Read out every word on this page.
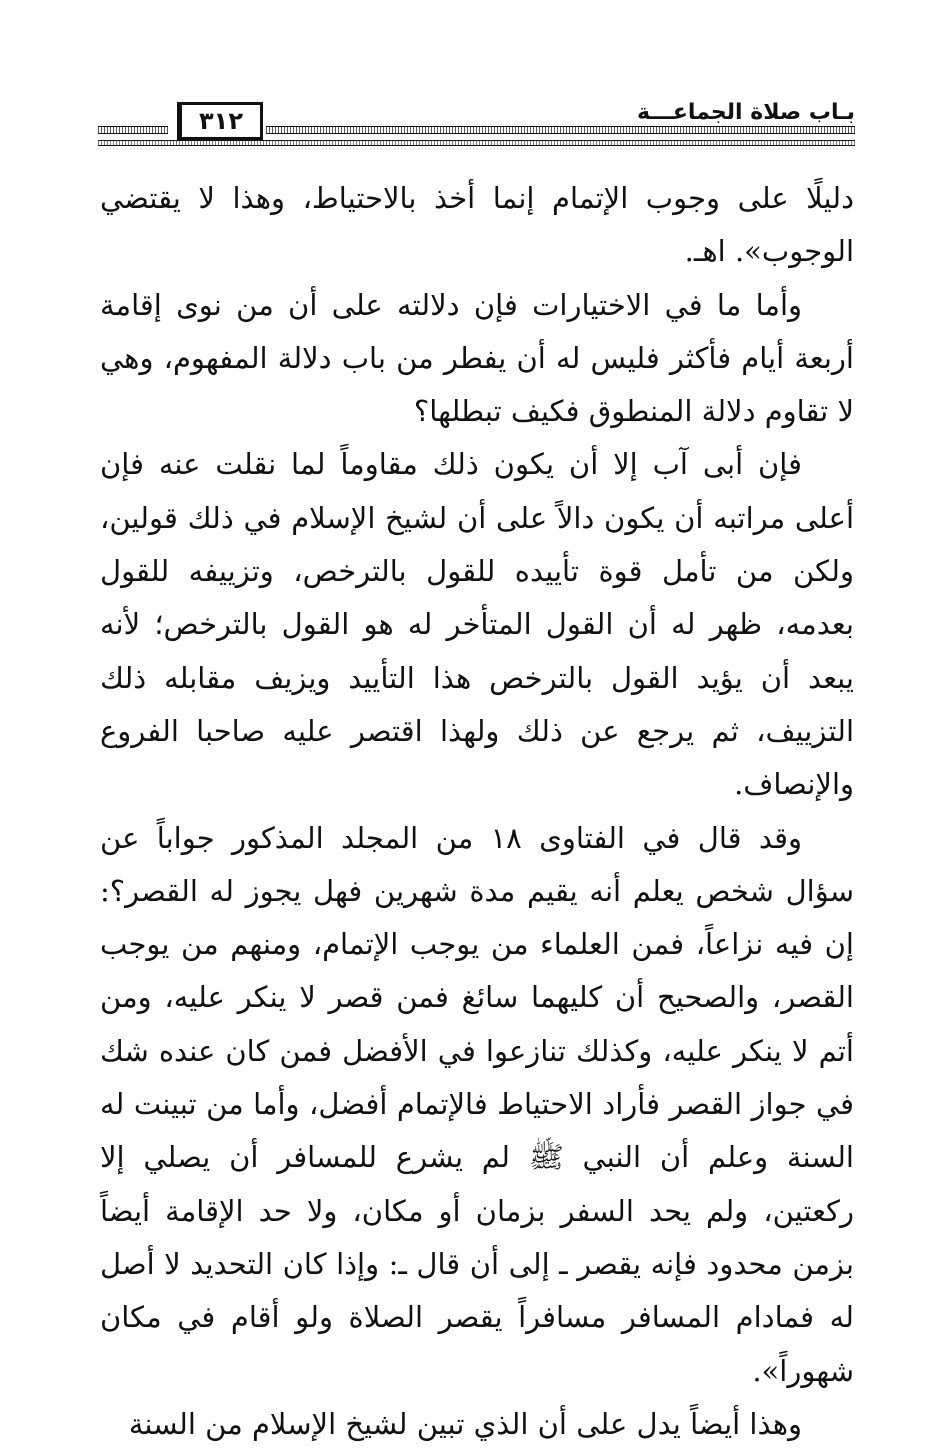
بـاب صلاة الجماعـــة
٣١٢

دليلًا على وجوب الإتمام إنما أخذ بالاحتياط، وهذا لا يقتضي الوجوب». اهـ.

وأما ما في الاختيارات فإن دلالته على أن من نوى إقامة أربعة أيام فأكثر فليس له أن يفطر من باب دلالة المفهوم، وهي لا تقاوم دلالة المنطوق فكيف تبطلها؟

فإن أبى آب إلا أن يكون ذلك مقاوماً لما نقلت عنه فإن أعلى مراتبه أن يكون دالاً على أن لشيخ الإسلام في ذلك قولين، ولكن من تأمل قوة تأييده للقول بالترخص، وتزييفه للقول بعدمه، ظهر له أن القول المتأخر له هو القول بالترخص؛ لأنه يبعد أن يؤيد القول بالترخص هذا التأييد ويزيف مقابله ذلك التزييف، ثم يرجع عن ذلك ولهذا اقتصر عليه صاحبا الفروع والإنصاف.

وقد قال في الفتاوى ١٨ من المجلد المذكور جواباً عن سؤال شخص يعلم أنه يقيم مدة شهرين فهل يجوز له القصر؟: إن فيه نزاعاً، فمن العلماء من يوجب الإتمام، ومنهم من يوجب القصر، والصحيح أن كليهما سائغ فمن قصر لا ينكر عليه، ومن أتم لا ينكر عليه، وكذلك تنازعوا في الأفضل فمن كان عنده شك في جواز القصر فأراد الاحتياط فالإتمام أفضل، وأما من تبينت له السنة وعلم أن النبي ﷺ لم يشرع للمسافر أن يصلي إلا ركعتين، ولم يحد السفر بزمان أو مكان، ولا حد الإقامة أيضاً بزمن محدود فإنه يقصر ـ إلى أن قال ـ: وإذا كان التحديد لا أصل له فمادام المسافر مسافراً يقصر الصلاة ولو أقام في مكان شهوراً».

وهذا أيضاً يدل على أن الذي تبين لشيخ الإسلام من السنة
